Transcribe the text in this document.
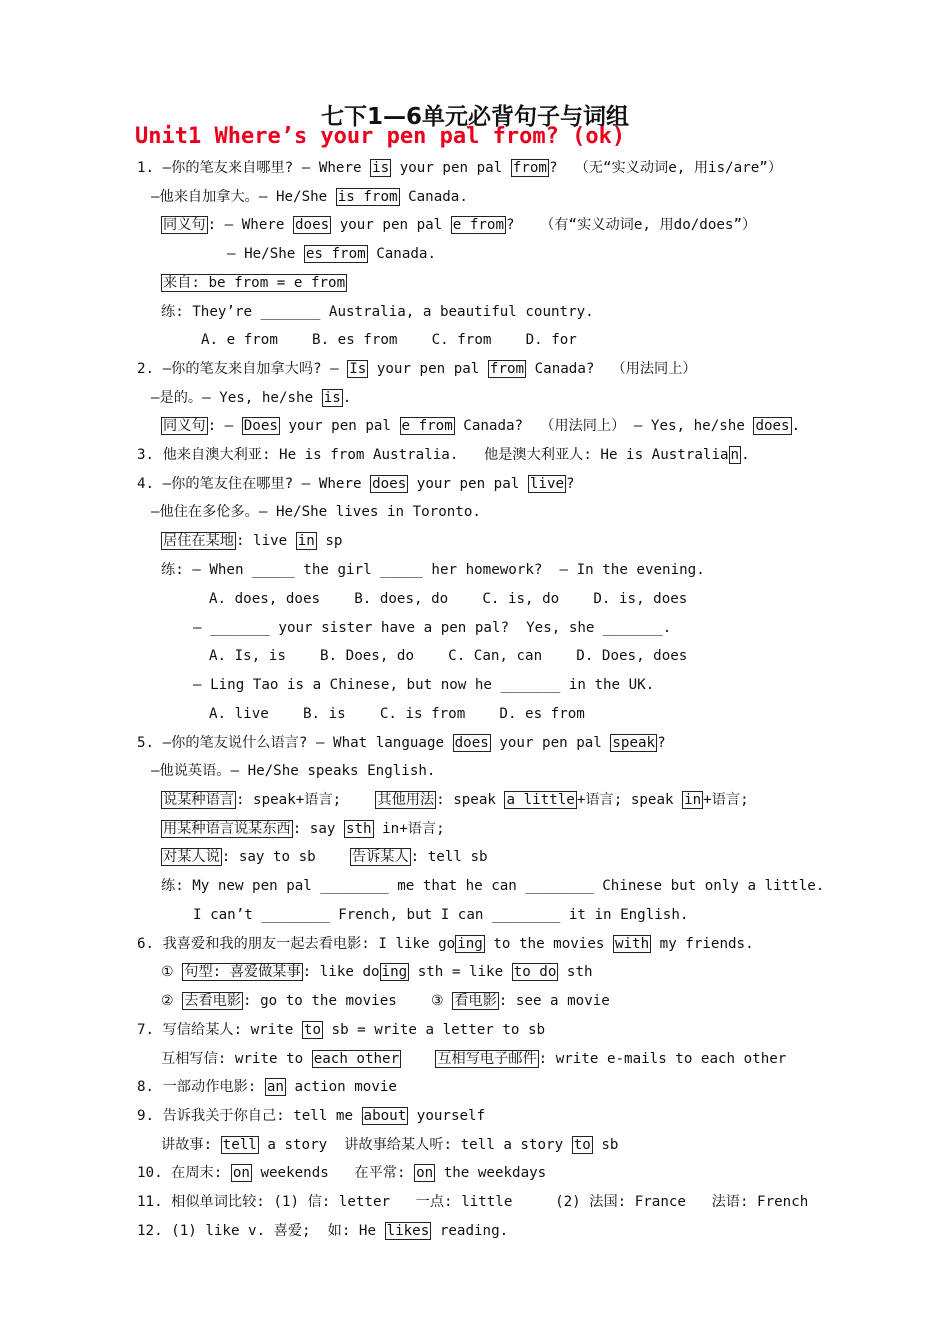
七下1—6单元必背句子与词组
Unit1 Where’s your pen pal from? (ok)
1. —你的笔友来自哪里? — Where is your pen pal from ?  （无“实义动词e, 用is/are”）
—他来自加拿大。— He/She is from Canada.
同义句 : — Where does your pen pal e from ?   （有“实义动词e, 用do/does”）
— He/She es from Canada.
来自: be from = e from
练: They’re _______ Australia, a beautiful country.
A. e from    B. es from    C. from    D. for
2. —你的笔友来自加拿大吗? — Is your pen pal from Canada?  （用法同上）
—是的。— Yes, he/she is .
同义句 : — Does your pen pal e from Canada?  （用法同上） — Yes, he/she does .
3. 他来自澳大利亚: He is from Australia.   他是澳大利亚人: He is Australia n .
4. —你的笔友住在哪里? — Where does your pen pal live ?
—他住在多伦多。— He/She lives in Toronto.
居住在某地 : live in sp
练: — When _____ the girl _____ her homework?  — In the evening.
A. does, does    B. does, do    C. is, do    D. is, does
— _______ your sister have a pen pal?  Yes, she _______.
A. Is, is    B. Does, do    C. Can, can    D. Does, does
— Ling Tao is a Chinese, but now he _______ in the UK.
A. live    B. is    C. is from    D. es from
5. —你的笔友说什么语言? — What language does your pen pal speak ?
—他说英语。— He/She speaks English.
说某种语言 : speak+语言;    其他用法 : speak a little +语言; speak in +语言;
用某种语言说某东西 : say sth in+语言;
对某人说 : say to sb    告诉某人 : tell sb
练: My new pen pal ________ me that he can ________ Chinese but only a little.
I can’t ________ French, but I can ________ it in English.
6. 我喜爱和我的朋友一起去看电影: I like go ing to the movies with my friends.
① 句型: 喜爱做某事 : like do ing sth = like to do sth
② 去看电影 : go to the movies    ③ 看电影 : see a movie
7. 写信给某人: write to sb = write a letter to sb
互相写信: write to each other	互相写电子邮件 : write e-mails to each other
8. 一部动作电影: an action movie
9. 告诉我关于你自己: tell me about yourself
讲故事: tell a story  讲故事给某人听: tell a story to sb
10. 在周末: on weekends   在平常: on the weekdays
11. 相似单词比较: (1) 信: letter   一点: little     (2) 法国: France   法语: French
12. (1) like v. 喜爱;  如: He likes reading.
